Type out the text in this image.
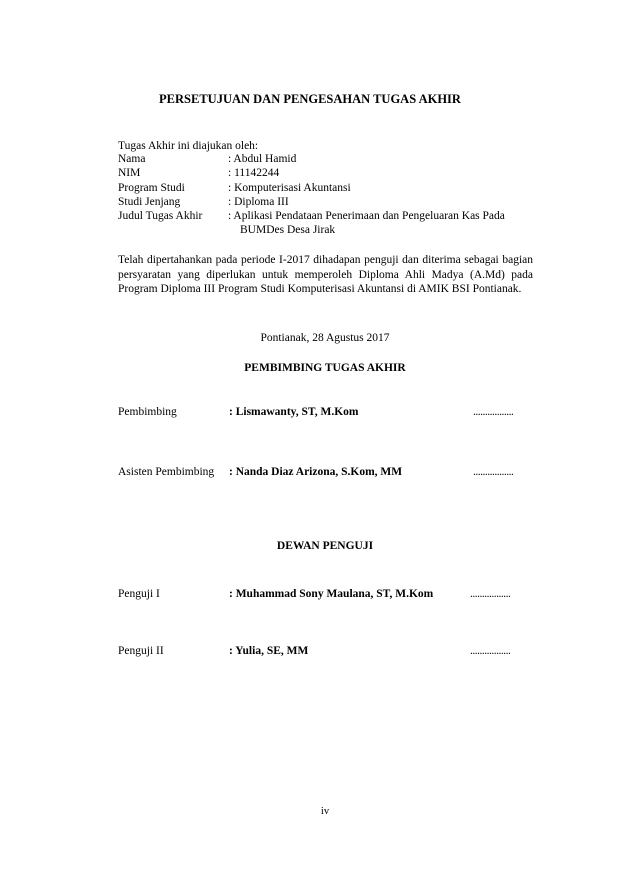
PERSETUJUAN DAN PENGESAHAN TUGAS AKHIR
Tugas Akhir ini diajukan oleh:
Nama	: Abdul Hamid
NIM	: 11142244
Program Studi	: Komputerisasi Akuntansi
Studi Jenjang	: Diploma III
Judul Tugas Akhir : Aplikasi Pendataan Penerimaan dan Pengeluaran Kas Pada
BUMDes Desa Jirak
Telah dipertahankan pada periode I-2017 dihadapan penguji dan diterima sebagai bagian persyaratan yang diperlukan untuk memperoleh Diploma Ahli Madya (A.Md) pada Program Diploma III Program Studi Komputerisasi Akuntansi di AMIK BSI Pontianak.
Pontianak, 28 Agustus 2017
PEMBIMBING TUGAS AKHIR
Pembimbing	: Lismawanty, ST, M.Kom	.................
Asisten Pembimbing : Nanda Diaz Arizona, S.Kom, MM	.................
DEWAN PENGUJI
Penguji I	: Muhammad Sony Maulana, ST, M.Kom	.................
Penguji II	: Yulia, SE, MM	.................
iv
